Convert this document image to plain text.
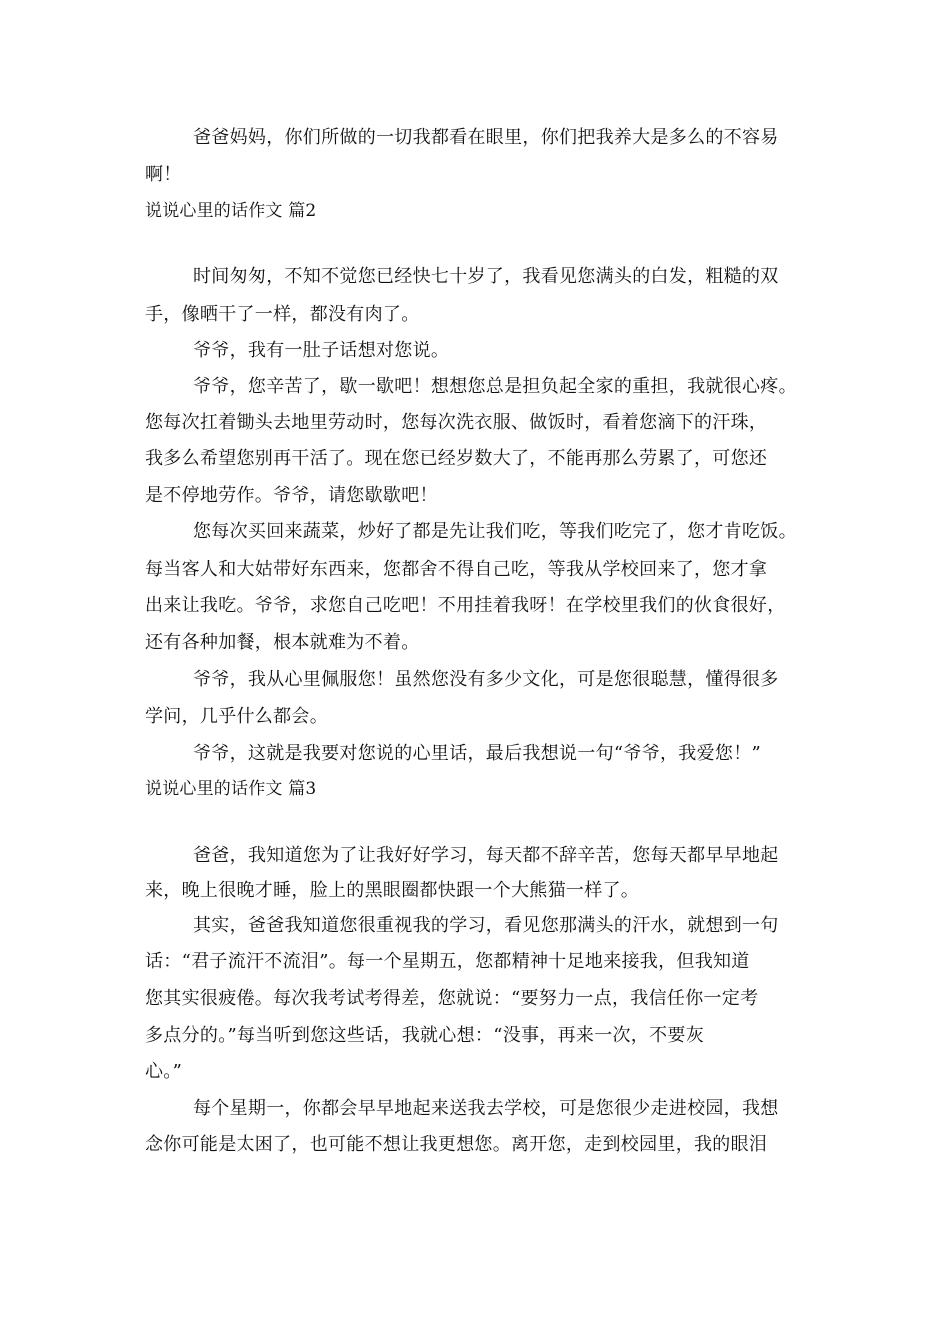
爸爸妈妈，你们所做的一切我都看在眼里，你们把我养大是多么的不容易
啊！
说说心里的话作文 篇2
时间匆匆，不知不觉您已经快七十岁了，我看见您满头的白发，粗糙的双
手，像晒干了一样，都没有肉了。
爷爷，我有一肚子话想对您说。
爷爷，您辛苦了，歇一歇吧！想想您总是担负起全家的重担，我就很心疼。
您每次扛着锄头去地里劳动时，您每次洗衣服、做饭时，看着您滴下的汗珠，
我多么希望您别再干活了。现在您已经岁数大了，不能再那么劳累了，可您还
是不停地劳作。爷爷，请您歇歇吧！
您每次买回来蔬菜，炒好了都是先让我们吃，等我们吃完了，您才肯吃饭。
每当客人和大姑带好东西来，您都舍不得自己吃，等我从学校回来了，您才拿
出来让我吃。爷爷，求您自己吃吧！不用挂着我呀！在学校里我们的伙食很好，
还有各种加餐，根本就难为不着。
爷爷，我从心里佩服您！虽然您没有多少文化，可是您很聪慧，懂得很多
学问，几乎什么都会。
爷爷，这就是我要对您说的心里话，最后我想说一句“爷爷，我爱您！”
说说心里的话作文 篇3
爸爸，我知道您为了让我好好学习，每天都不辞辛苦，您每天都早早地起
来，晚上很晚才睡，脸上的黑眼圈都快跟一个大熊猫一样了。
其实，爸爸我知道您很重视我的学习，看见您那满头的汗水，就想到一句
话：“君子流汗不流泪”。每一个星期五，您都精神十足地来接我，但我知道
您其实很疲倦。每次我考试考得差，您就说：“要努力一点，我信任你一定考
多点分的。”每当听到您这些话，我就心想：“没事，再来一次，不要灰
心。”
每个星期一，你都会早早地起来送我去学校，可是您很少走进校园，我想
念你可能是太困了，也可能不想让我更想您。离开您，走到校园里，我的眼泪
